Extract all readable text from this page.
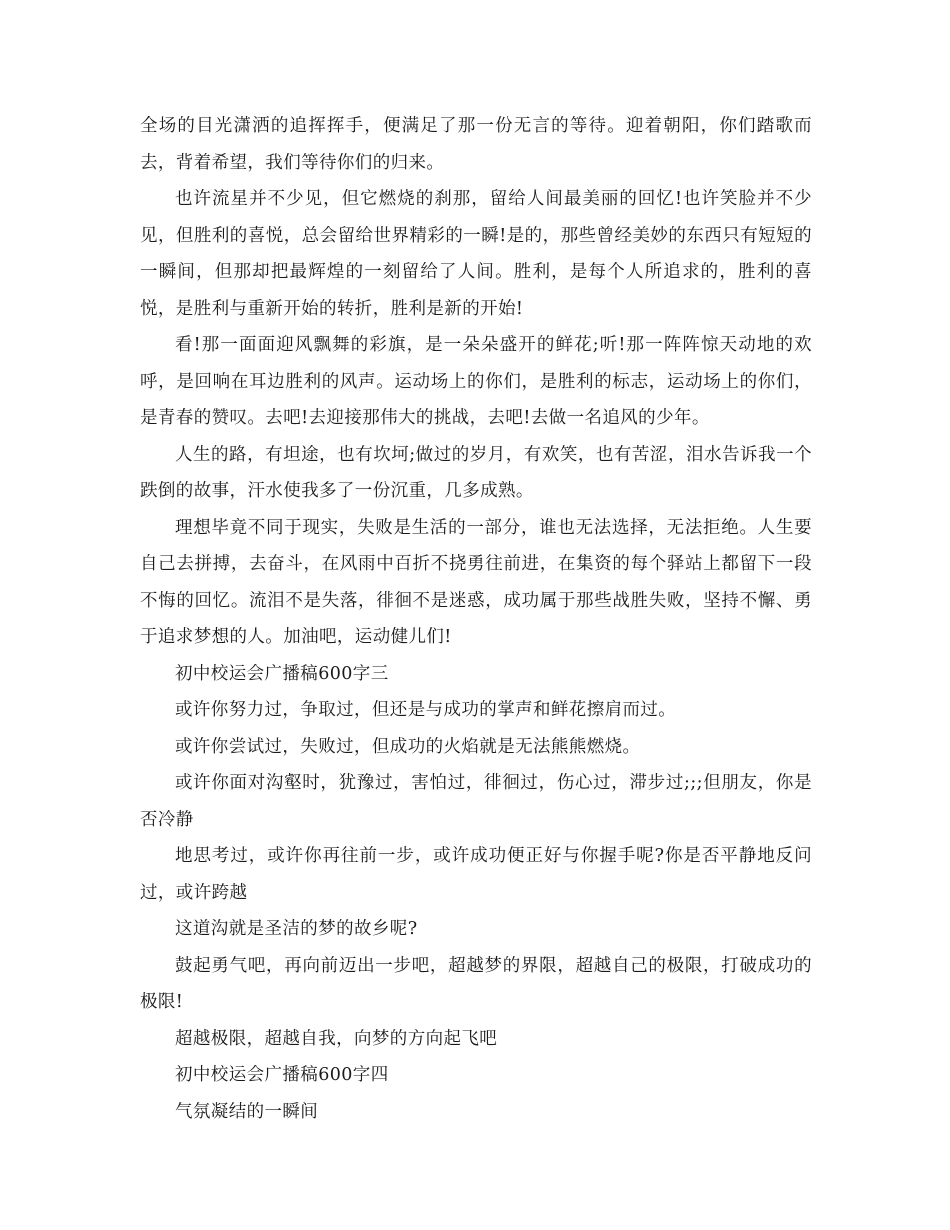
全场的目光潇洒的追挥挥手，便满足了那一份无言的等待。迎着朝阳，你们踏歌而去，背着希望，我们等待你们的归来。

也许流星并不少见，但它燃烧的刹那，留给人间最美丽的回忆!也许笑脸并不少见，但胜利的喜悦，总会留给世界精彩的一瞬!是的，那些曾经美妙的东西只有短短的一瞬间，但那却把最辉煌的一刻留给了人间。胜利，是每个人所追求的，胜利的喜悦，是胜利与重新开始的转折，胜利是新的开始!

看!那一面面迎风飘舞的彩旗，是一朵朵盛开的鲜花;听!那一阵阵惊天动地的欢呼，是回响在耳边胜利的风声。运动场上的你们，是胜利的标志，运动场上的你们，是青春的赞叹。去吧!去迎接那伟大的挑战，去吧!去做一名追风的少年。

人生的路，有坦途，也有坎坷;做过的岁月，有欢笑，也有苦涩，泪水告诉我一个跌倒的故事，汗水使我多了一份沉重，几多成熟。

理想毕竟不同于现实，失败是生活的一部分，谁也无法选择，无法拒绝。人生要自己去拼搏，去奋斗，在风雨中百折不挠勇往前进，在集资的每个驿站上都留下一段不悔的回忆。流泪不是失落，徘徊不是迷惑，成功属于那些战胜失败，坚持不懈、勇于追求梦想的人。加油吧，运动健儿们!

初中校运会广播稿600字三

或许你努力过，争取过，但还是与成功的掌声和鲜花擦肩而过。

或许你尝试过，失败过，但成功的火焰就是无法熊熊燃烧。

或许你面对沟壑时，犹豫过，害怕过，徘徊过，伤心过，滞步过;;;但朋友，你是否冷静

地思考过，或许你再往前一步，或许成功便正好与你握手呢?你是否平静地反问过，或许跨越

这道沟就是圣洁的梦的故乡呢?

鼓起勇气吧，再向前迈出一步吧，超越梦的界限，超越自己的极限，打破成功的极限!

超越极限，超越自我，向梦的方向起飞吧

初中校运会广播稿600字四

气氛凝结的一瞬间
